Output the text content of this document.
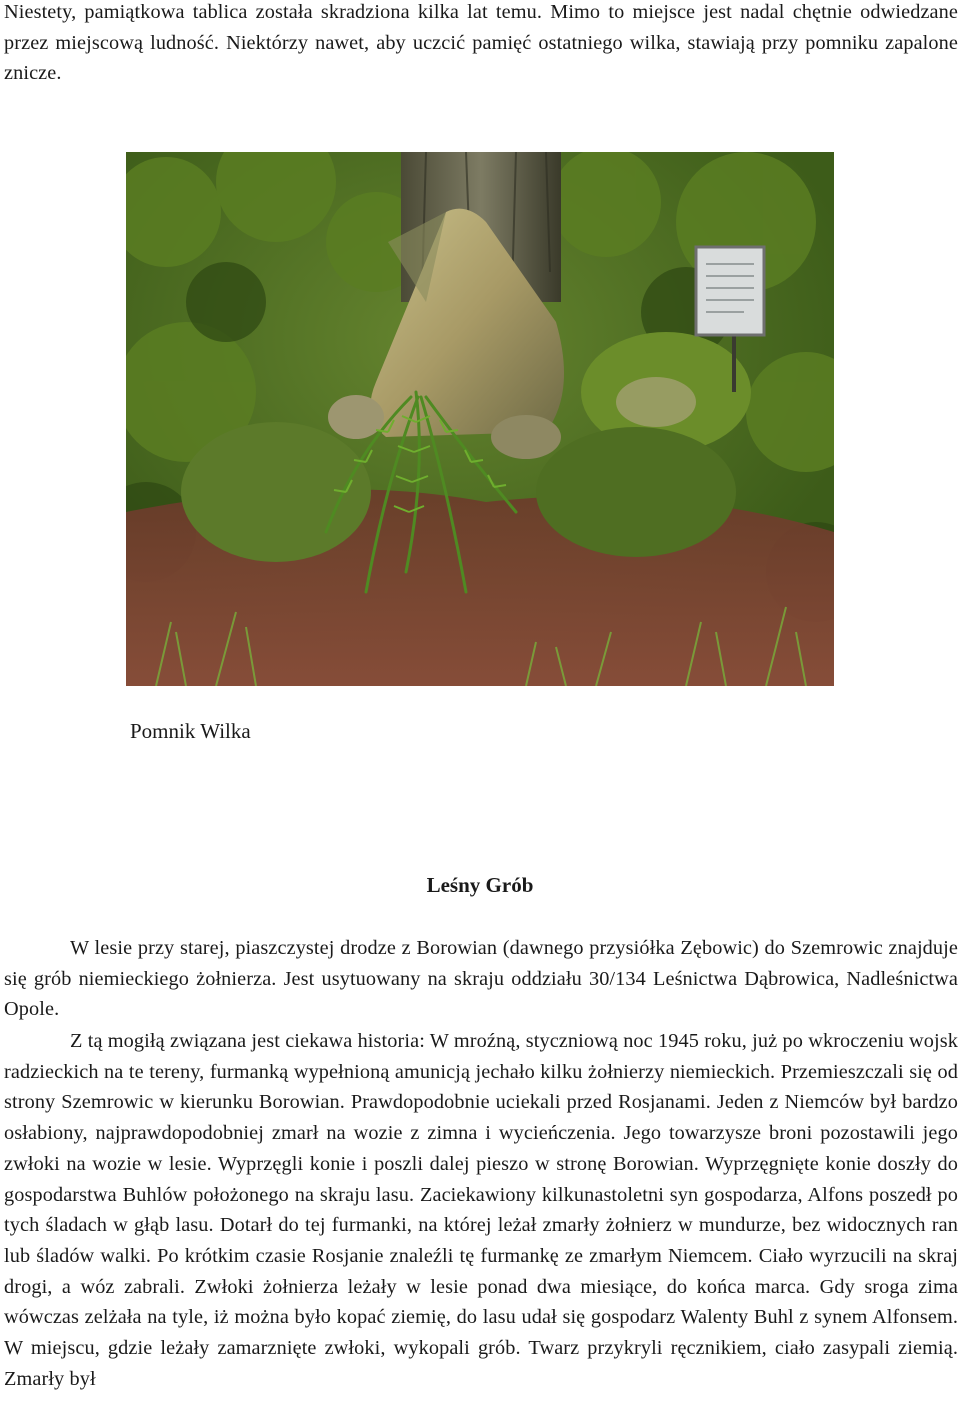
Niestety, pamiątkowa tablica została skradziona kilka lat temu. Mimo to miejsce jest nadal chętnie odwiedzane przez miejscową ludność. Niektórzy nawet, aby uczcić pamięć ostatniego wilka, stawiają przy pomniku zapalone znicze.

Pomnik Wilka

Leśny Grób

W lesie przy starej, piaszczystej drodze z Borowian (dawnego przysiółka Zębowic) do Szemrowic znajduje się grób niemieckiego żołnierza. Jest usytuowany na skraju oddziału 30/134 Leśnictwa Dąbrowica, Nadleśnictwa Opole.

Z tą mogiłą związana jest ciekawa historia: W mroźną, styczniową noc 1945 roku, już po wkroczeniu wojsk radzieckich na te tereny, furmanką wypełnioną amunicją jechało kilku żołnierzy niemieckich. Przemieszczali się od strony Szemrowic w kierunku Borowian. Prawdopodobnie uciekali przed Rosjanami. Jeden z Niemców był bardzo osłabiony, najprawdopodobniej zmarł na wozie z zimna i wycieńczenia. Jego towarzysze broni pozostawili jego zwłoki na wozie w lesie. Wyprzęgli konie i poszli dalej pieszo w stronę Borowian. Wyprzęgnięte konie doszły do gospodarstwa Buhlów położonego na skraju lasu. Zaciekawiony kilkunastoletni syn gospodarza, Alfons poszedł po tych śladach w głąb lasu. Dotarł do tej furmanki, na której leżał zmarły żołnierz w mundurze, bez widocznych ran lub śladów walki. Po krótkim czasie Rosjanie znaleźli tę furmankę ze zmarłym Niemcem. Ciało wyrzucili na skraj drogi, a wóz zabrali. Zwłoki żołnierza leżały w lesie ponad dwa miesiące, do końca marca. Gdy sroga zima wówczas zelżała na tyle, iż można było kopać ziemię, do lasu udał się gospodarz Walenty Buhl z synem Alfonsem. W miejscu, gdzie leżały zamarznięte zwłoki, wykopali grób. Twarz przykryli ręcznikiem, ciało zasypali ziemią. Zmarły był
